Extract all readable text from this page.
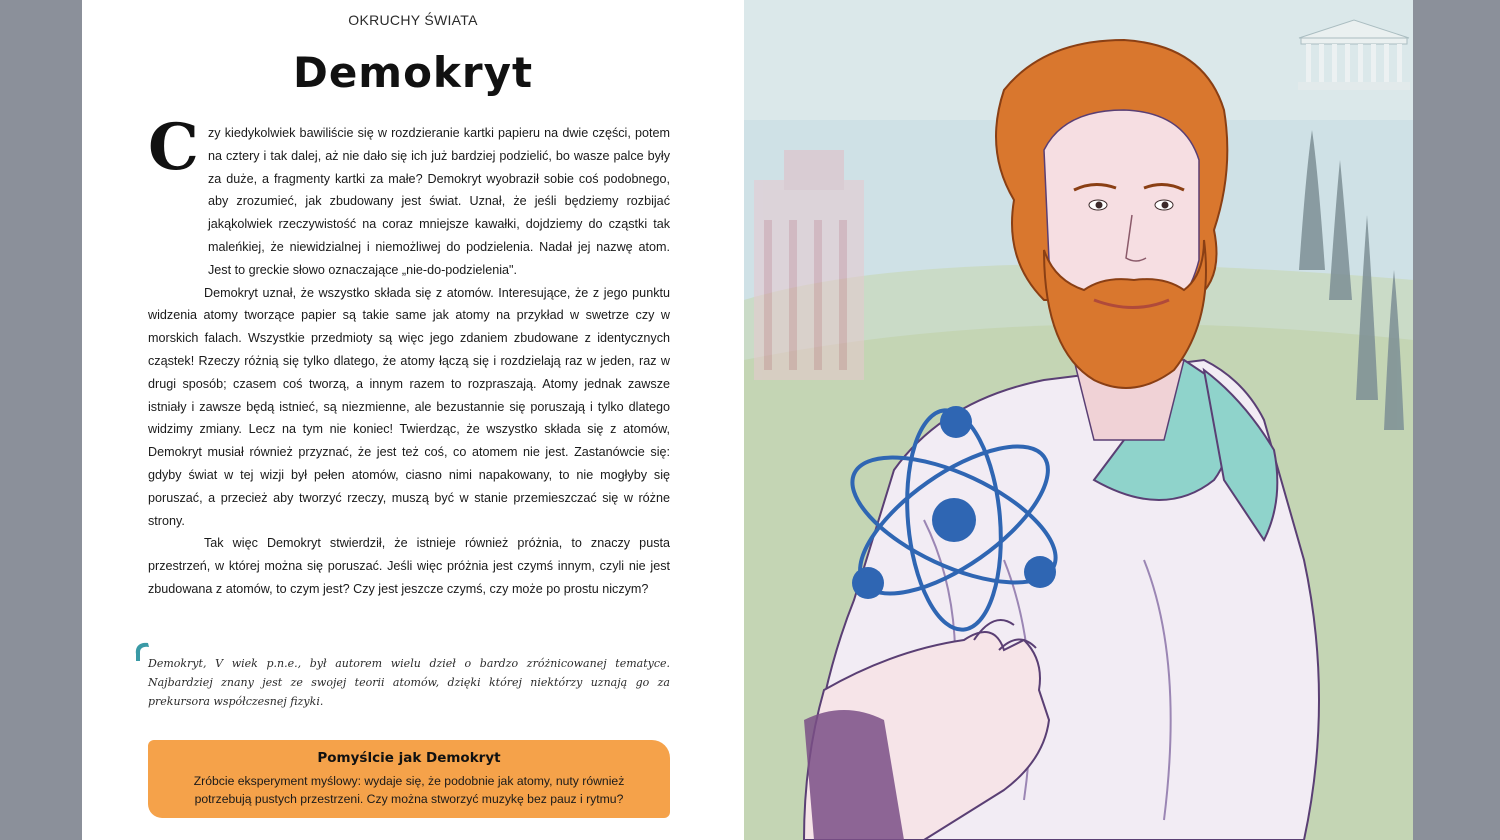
OKRUCHY ŚWIATA
Demokryt
C zy kiedykolwiek bawiliście się w rozdzieranie kartki papieru na dwie części, potem na cztery i tak dalej, aż nie dało się ich już bardziej podzielić, bo wasze palce były za duże, a fragmenty kartki za małe? Demokryt wyobraził sobie coś podobnego, aby zrozumieć, jak zbudowany jest świat. Uznał, że jeśli będziemy rozbijać jakąkolwiek rzeczywistość na coraz mniejsze kawałki, dojdziemy do cząstki tak maleńkiej, że niewidzialnej i niemożliwej do podzielenia. Nadał jej nazwę atom. Jest to greckie słowo oznaczające „nie-do-podzielenia".

Demokryt uznał, że wszystko składa się z atomów. Interesujące, że z jego punktu widzenia atomy tworzące papier są takie same jak atomy na przykład w swetrze czy w morskich falach. Wszystkie przedmioty są więc jego zdaniem zbudowane z identycznych cząstek! Rzeczy różnią się tylko dlatego, że atomy łączą się i rozdzielają raz w jeden, raz w drugi sposób; czasem coś tworzą, a innym razem to rozpraszają. Atomy jednak zawsze istniały i zawsze będą istnieć, są niezmienne, ale bezustannie się poruszają i tylko dlatego widzimy zmiany. Lecz na tym nie koniec! Twierdząc, że wszystko składa się z atomów, Demokryt musiał również przyznać, że jest też coś, co atomem nie jest. Zastanówcie się: gdyby świat w tej wizji był pełen atomów, ciasno nimi napakowany, to nie mogłyby się poruszać, a przecież aby tworzyć rzeczy, muszą być w stanie przemieszczać się w różne strony.

Tak więc Demokryt stwierdził, że istnieje również próżnia, to znaczy pusta przestrzeń, w której można się poruszać. Jeśli więc próżnia jest czymś innym, czyli nie jest zbudowana z atomów, to czym jest? Czy jest jeszcze czymś, czy może po prostu niczym?

Demokryt, V wiek p.n.e., był autorem wielu dzieł o bardzo zróżnicowanej tematyce. Najbardziej znany jest ze swojej teorii atomów, dzięki której niektórzy uznają go za prekursora współczesnej fizyki.
Pomyślcie jak Demokryt
Zróbcie eksperyment myślowy: wydaje się, że podobnie jak atomy, nuty również potrzebują pustych przestrzeni. Czy można stworzyć muzykę bez pauz i rytmu?
